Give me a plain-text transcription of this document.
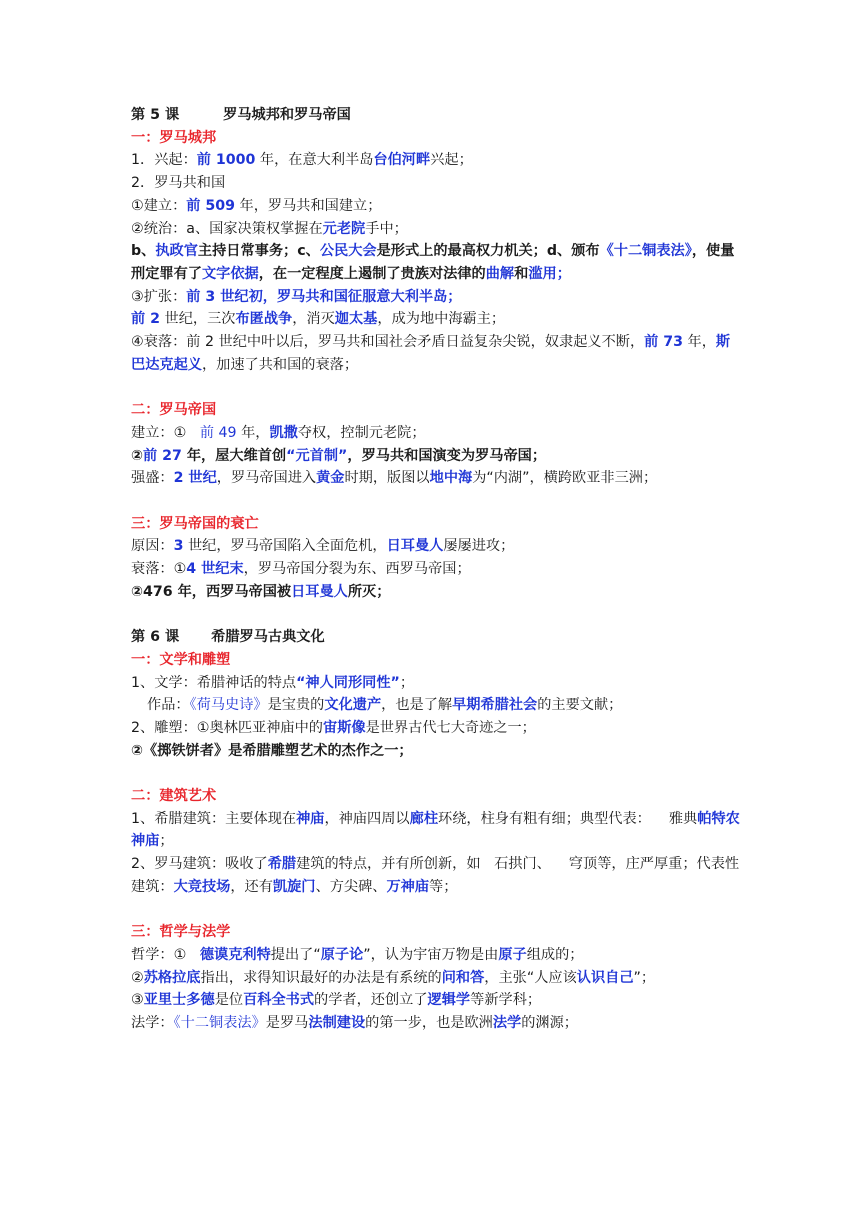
第 5 课	罗马城邦和罗马帝国

一：罗马城邦

1．兴起：前 1000 年，在意大利半岛台伯河畔兴起；

2．罗马共和国

①建立：前 509 年，罗马共和国建立；

②统治：a、国家决策权掌握在元老院手中；

b、执政官主持日常事务；c、公民大会是形式上的最高权力机关；d、颁布《十二铜表法》，使量刑定罪有了文字依据，在一定程度上遏制了贵族对法律的曲解和滥用；

③扩张：前 3 世纪初，罗马共和国征服意大利半岛；

前 2 世纪，三次布匿战争，消灭迦太基，成为地中海霸主；

④衰落：前 2 世纪中叶以后，罗马共和国社会矛盾日益复杂尖锐，奴隶起义不断，前 73 年，斯巴达克起义，加速了共和国的衰落；

二：罗马帝国

建立：①   前 49 年，凯撒夺权，控制元老院；

②前 27 年，屋大维首创“元首制”，罗马共和国演变为罗马帝国；

强盛：2 世纪，罗马帝国进入黄金时期，版图以地中海为“内湖”，横跨欧亚非三洲；

三：罗马帝国的衰亡

原因：3 世纪，罗马帝国陷入全面危机，日耳曼人屡屡进攻；

衰落：①4 世纪末，罗马帝国分裂为东、西罗马帝国；

②476 年，西罗马帝国被日耳曼人所灭；

第 6 课 希腊罗马古典文化

一：文学和雕塑

1、文学：希腊神话的特点“神人同形同性”；

作品：《荷马史诗》是宝贵的文化遗产，也是了解早期希腊社会的主要文献；

2、雕塑：①奥林匹亚神庙中的宙斯像是世界古代七大奇迹之一；

②《掷铁饼者》是希腊雕塑艺术的杰作之一；

二：建筑艺术

1、希腊建筑：主要体现在神庙，神庙四周以廊柱环绕，柱身有粗有细；典型代表：    雅典帕特农神庙；

2、罗马建筑：吸收了希腊建筑的特点，并有所创新，如   石拱门、    穹顶等，庄严厚重；代表性建筑：大竞技场，还有凯旋门、方尖碑、万神庙等；

三：哲学与法学

哲学：①   德谟克利特提出了“原子论”，认为宇宙万物是由原子组成的；

②苏格拉底指出，求得知识最好的办法是有系统的问和答，主张“人应该认识自己”；

③亚里士多德是位百科全书式的学者，还创立了逻辑学等新学科；

法学：《十二铜表法》是罗马法制建设的第一步，也是欧洲法学的渊源；
